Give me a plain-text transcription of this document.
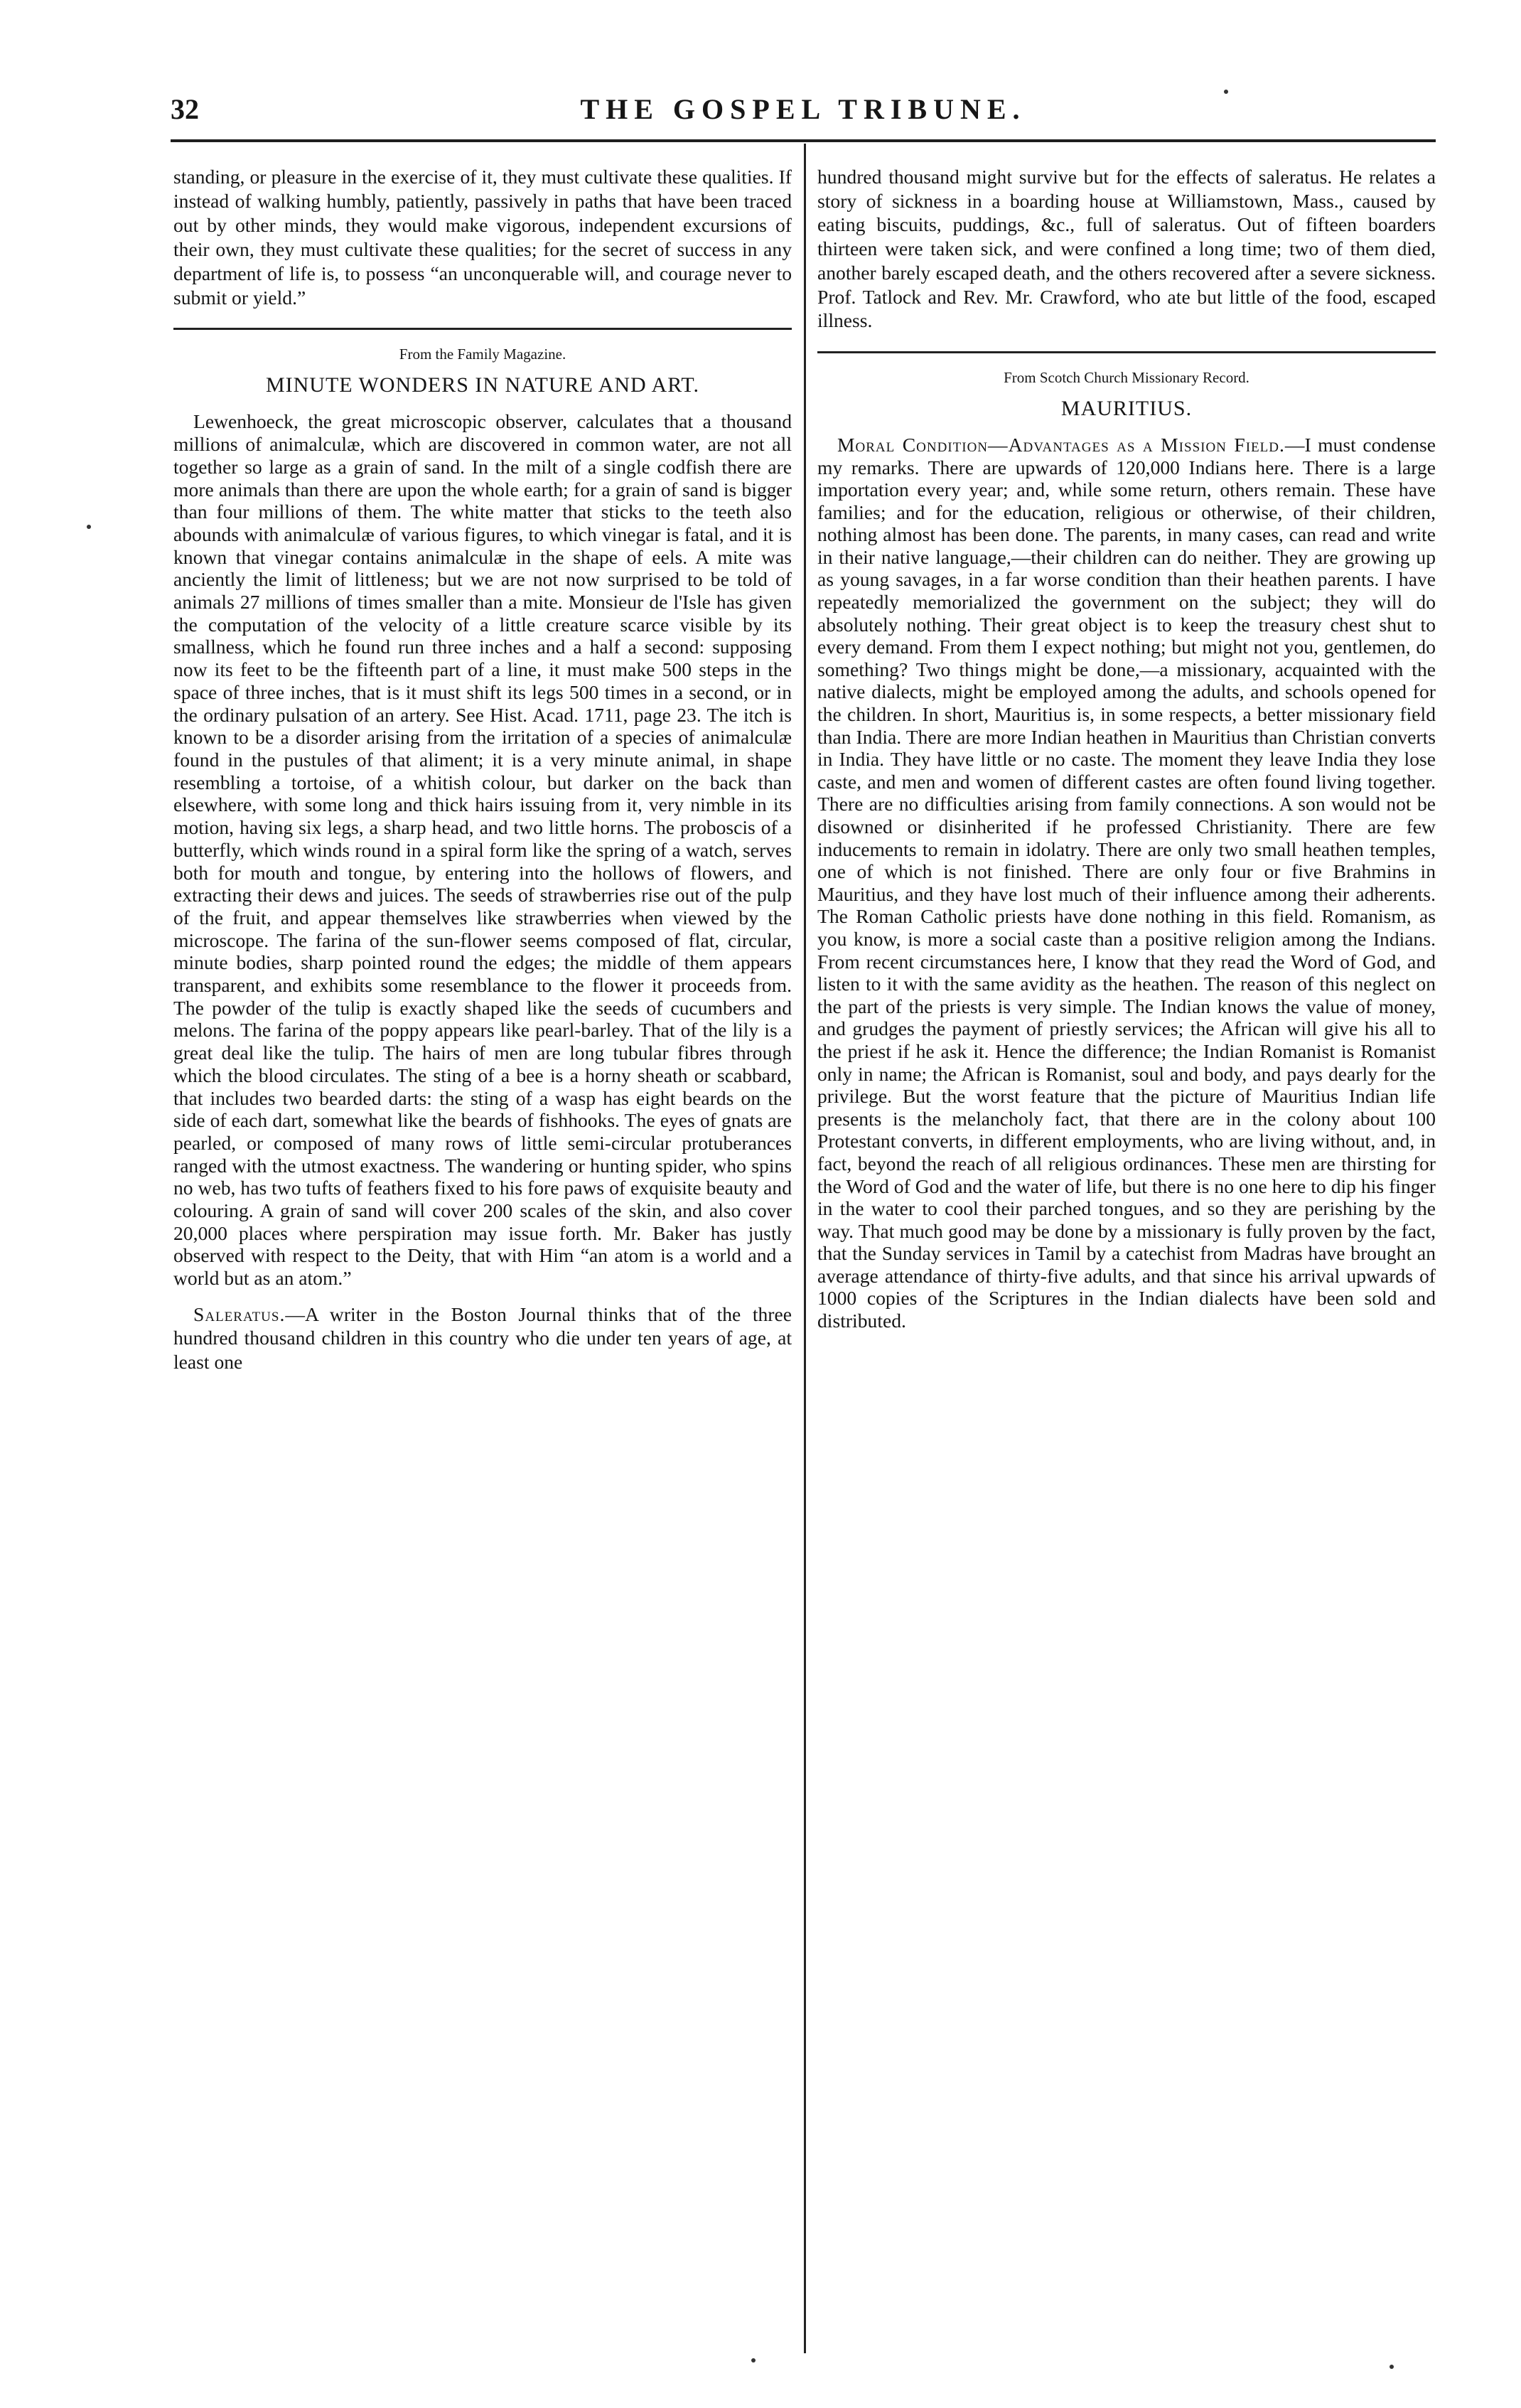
32	THE GOSPEL TRIBUNE.

standing, or pleasure in the exercise of it, they must cultivate these qualities. If instead of walking humbly, patiently, passively in paths that have been traced out by other minds, they would make vigorous, independent excursions of their own, they must cultivate these qualities; for the secret of success in any department of life is, to possess “an unconquerable will, and courage never to submit or yield.”

From the Family Magazine.
MINUTE WONDERS IN NATURE AND ART.

Lewenhoeck, the great microscopic observer, calculates that a thousand millions of animalculæ, which are discovered in common water, are not all together so large as a grain of sand. In the milt of a single codfish there are more animals than there are upon the whole earth; for a grain of sand is bigger than four millions of them. The white matter that sticks to the teeth also abounds with animalculæ of various figures, to which vinegar is fatal, and it is known that vinegar contains animalculæ in the shape of eels. A mite was anciently the limit of littleness; but we are not now surprised to be told of animals 27 millions of times smaller than a mite. Monsieur de l'Isle has given the computation of the velocity of a little creature scarce visible by its smallness, which he found run three inches and a half a second: supposing now its feet to be the fifteenth part of a line, it must make 500 steps in the space of three inches, that is it must shift its legs 500 times in a second, or in the ordinary pulsation of an artery. See Hist. Acad. 1711, page 23. The itch is known to be a disorder arising from the irritation of a species of animalculæ found in the pustules of that aliment; it is a very minute animal, in shape resembling a tortoise, of a whitish colour, but darker on the back than elsewhere, with some long and thick hairs issuing from it, very nimble in its motion, having six legs, a sharp head, and two little horns. The proboscis of a butterfly, which winds round in a spiral form like the spring of a watch, serves both for mouth and tongue, by entering into the hollows of flowers, and extracting their dews and juices. The seeds of strawberries rise out of the pulp of the fruit, and appear themselves like strawberries when viewed by the microscope. The farina of the sun-flower seems composed of flat, circular, minute bodies, sharp pointed round the edges; the middle of them appears transparent, and exhibits some resemblance to the flower it proceeds from. The powder of the tulip is exactly shaped like the seeds of cucumbers and melons. The farina of the poppy appears like pearl-barley. That of the lily is a great deal like the tulip. The hairs of men are long tubular fibres through which the blood circulates. The sting of a bee is a horny sheath or scabbard, that includes two bearded darts: the sting of a wasp has eight beards on the side of each dart, somewhat like the beards of fishhooks. The eyes of gnats are pearled, or composed of many rows of little semi-circular protuberances ranged with the utmost exactness. The wandering or hunting spider, who spins no web, has two tufts of feathers fixed to his fore paws of exquisite beauty and colouring. A grain of sand will cover 200 scales of the skin, and also cover 20,000 places where perspiration may issue forth. Mr. Baker has justly observed with respect to the Deity, that with Him “an atom is a world and a world but as an atom.”

Saleratus.—A writer in the Boston Journal thinks that of the three hundred thousand children in this country who die under ten years of age, at least one

hundred thousand might survive but for the effects of saleratus. He relates a story of sickness in a boarding house at Williamstown, Mass., caused by eating biscuits, puddings, &c., full of saleratus. Out of fifteen boarders thirteen were taken sick, and were confined a long time; two of them died, another barely escaped death, and the others recovered after a severe sickness. Prof. Tatlock and Rev. Mr. Crawford, who ate but little of the food, escaped illness.

From Scotch Church Missionary Record.
MAURITIUS.

Moral Condition—Advantages as a Mission Field.—I must condense my remarks. There are upwards of 120,000 Indians here. There is a large importation every year; and, while some return, others remain. These have families; and for the education, religious or otherwise, of their children, nothing almost has been done. The parents, in many cases, can read and write in their native language,—their children can do neither. They are growing up as young savages, in a far worse condition than their heathen parents. I have repeatedly memorialized the government on the subject; they will do absolutely nothing. Their great object is to keep the treasury chest shut to every demand. From them I expect nothing; but might not you, gentlemen, do something? Two things might be done,—a missionary, acquainted with the native dialects, might be employed among the adults, and schools opened for the children. In short, Mauritius is, in some respects, a better missionary field than India. There are more Indian heathen in Mauritius than Christian converts in India. They have little or no caste. The moment they leave India they lose caste, and men and women of different castes are often found living together. There are no difficulties arising from family connections. A son would not be disowned or disinherited if he professed Christianity. There are few inducements to remain in idolatry. There are only two small heathen temples, one of which is not finished. There are only four or five Brahmins in Mauritius, and they have lost much of their influence among their adherents. The Roman Catholic priests have done nothing in this field. Romanism, as you know, is more a social caste than a positive religion among the Indians. From recent circumstances here, I know that they read the Word of God, and listen to it with the same avidity as the heathen. The reason of this neglect on the part of the priests is very simple. The Indian knows the value of money, and grudges the payment of priestly services; the African will give his all to the priest if he ask it. Hence the difference; the Indian Romanist is Romanist only in name; the African is Romanist, soul and body, and pays dearly for the privilege. But the worst feature that the picture of Mauritius Indian life presents is the melancholy fact, that there are in the colony about 100 Protestant converts, in different employments, who are living without, and, in fact, beyond the reach of all religious ordinances. These men are thirsting for the Word of God and the water of life, but there is no one here to dip his finger in the water to cool their parched tongues, and so they are perishing by the way. That much good may be done by a missionary is fully proven by the fact, that the Sunday services in Tamil by a catechist from Madras have brought an average attendance of thirty-five adults, and that since his arrival upwards of 1000 copies of the Scriptures in the Indian dialects have been sold and distributed.
